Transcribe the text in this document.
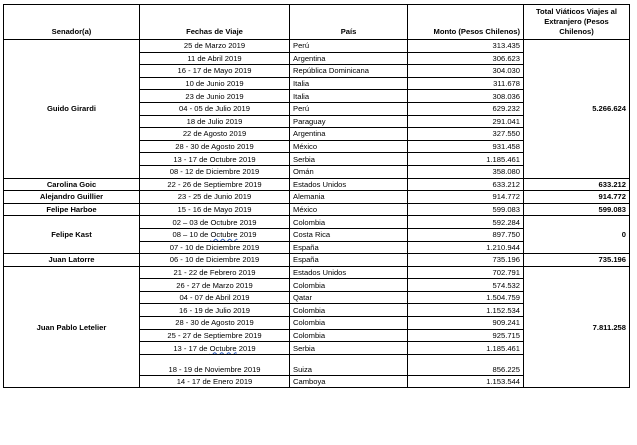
Senador(a)	Fechas de Viaje	País	Monto (Pesos Chilenos)	Total Viáticos Viajes al Extranjero (Pesos Chilenos)
Guido Girardi	25 de Marzo 2019	Perú	313.435	5.266.624
	11 de Abril 2019	Argentina	306.623	
	16 - 17 de Mayo 2019	República Dominicana	304.030	
	10 de Junio 2019	Italia	311.678	
	23 de Junio 2019	Italia	308.036	
	04 - 05 de Julio 2019	Perú	629.232	
	18 de Julio 2019	Paraguay	291.041	
	22 de Agosto 2019	Argentina	327.550	
	28 - 30 de Agosto 2019	México	931.458	
	13 - 17 de Octubre 2019	Serbia	1.185.461	
	08 - 12 de Diciembre 2019	Omán	358.080	
Carolina Goic	22 - 26 de Septiembre 2019	Estados Unidos	633.212	633.212
Alejandro Guillier	23 - 25 de Junio 2019	Alemania	914.772	914.772
Felipe Harboe	15 - 16 de Mayo 2019	México	599.083	599.083
Felipe Kast	02 – 03 de Octubre 2019	Colombia	592.284	0
	08 – 10 de Octubre 2019	Costa Rica	897.750	
	07 - 10 de Diciembre 2019	España	1.210.944	
Juan Latorre	06 - 10 de Diciembre 2019	España	735.196	735.196
Juan Pablo Letelier	21 - 22 de Febrero 2019	Estados Unidos	702.791	7.811.258
	26 - 27 de Marzo 2019	Colombia	574.532	
	04 - 07 de Abril 2019	Qatar	1.504.759	
	16 - 19 de Julio 2019	Colombia	1.152.534	
	28 - 30 de Agosto 2019	Colombia	909.241	
	25 - 27 de Septiembre 2019	Colombia	925.715	
	13 - 17 de Octubre 2019	Serbia	1.185.461	
	18 - 19 de Noviembre 2019	Suiza	856.225	
	14 - 17 de Enero 2019	Camboya	1.153.544	
